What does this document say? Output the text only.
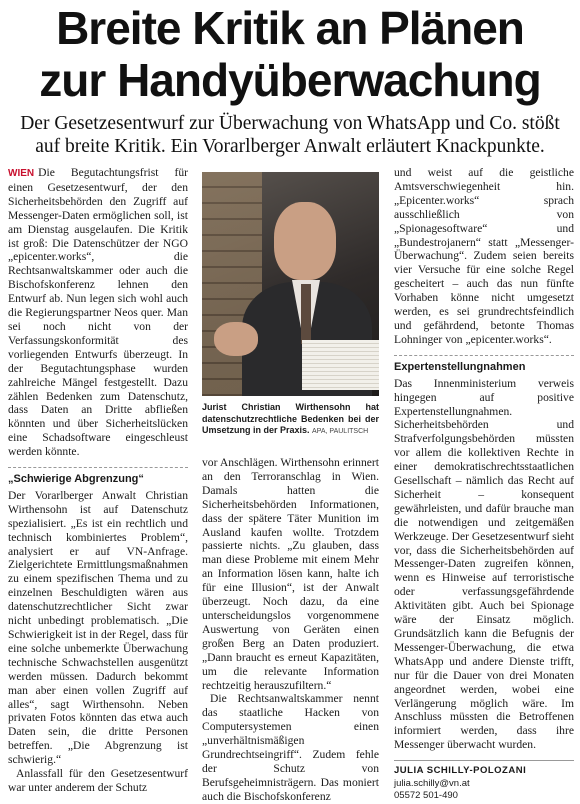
Breite Kritik an Plänen
zur Handyüberwachung

Der Gesetzesentwurf zur Überwachung von WhatsApp und Co. stößt auf breite Kritik. Ein Vorarlberger Anwalt erläutert Knackpunkte.

WIEN Die Begutachtungsfrist für einen Gesetzesentwurf, der den Sicherheitsbehörden den Zugriff auf Messenger-Daten ermöglichen soll, ist am Dienstag ausgelaufen. Die Kritik ist groß: Die Datenschützer der NGO „epicenter.works“, die Rechtsanwaltskammer oder auch die Bischofskonferenz lehnen den Entwurf ab. Nun legen sich wohl auch die Regierungspartner Neos quer. Man sei noch nicht von der Verfassungskonformität des vorliegenden Entwurfs überzeugt. In der Begutachtungsphase wurden zahlreiche Mängel festgestellt. Dazu zählen Bedenken zum Datenschutz, dass Daten an Dritte abfließen könnten und über Sicherheitslücken eine Schadsoftware eingeschleust werden könnte.

„Schwierige Abgrenzung“

Der Vorarlberger Anwalt Christian Wirthensohn ist auf Datenschutz spezialisiert. „Es ist ein rechtlich und technisch kombiniertes Problem“, analysiert er auf VN-Anfrage. Zielgerichtete Ermittlungsmaßnahmen zu einem spezifischen Thema und zu einzelnen Beschuldigten wären aus datenschutzrechtlicher Sicht zwar nicht unbedingt problematisch. „Die Schwierigkeit ist in der Regel, dass für eine solche unbemerkte Überwachung technische Schwachstellen ausgenützt werden müssen. Dadurch bekommt man aber einen vollen Zugriff auf alles“, sagt Wirthensohn. Neben privaten Fotos könnten das etwa auch Daten sein, die dritte Personen betreffen. „Die Abgrenzung ist schwierig.“

Anlassfall für den Gesetzesentwurf war unter anderem der Schutz

Jurist Christian Wirthensohn hat datenschutzrechtliche Bedenken bei der Umsetzung in der Praxis. APA, PAULITSCH

vor Anschlägen. Wirthensohn erinnert an den Terroranschlag in Wien. Damals hatten die Sicherheitsbehörden Informationen, dass der spätere Täter Munition im Ausland kaufen wollte. Trotzdem passierte nichts. „Zu glauben, dass man diese Probleme mit einem Mehr an Information lösen kann, halte ich für eine Illusion“, ist der Anwalt überzeugt. Noch dazu, da eine unterscheidungslos vorgenommene Auswertung von Geräten einen großen Berg an Daten produziert. „Dann braucht es erneut Kapazitäten, um die relevante Information rechtzeitig herauszufiltern.“

Die Rechtsanwaltskammer nennt das staatliche Hacken von Computersystemen einen „unverhältnismäßigen Grundrechtseingriff“. Zudem fehle der Schutz von Berufsgeheimnisträgern. Das moniert auch die Bischofskonferenz

und weist auf die geistliche Amtsverschwiegenheit hin. „Epicenter.works“ sprach ausschließlich von „Spionagesoftware“ und „Bundestrojanern“ statt „Messenger-Überwachung“. Zudem seien bereits vier Versuche für eine solche Regel gescheitert – auch das nun fünfte Vorhaben könne nicht umgesetzt werden, es sei grundrechtsfeindlich und gefährdend, betonte Thomas Lohninger von „epicenter.works“.

Expertenstellungnahmen

Das Innenministerium verweis hingegen auf positive Expertenstellungnahmen. Sicherheitsbehörden und Strafverfolgungsbehörden müssten vor allem die kollektiven Rechte in einer demokratischrechtsstaatlichen Gesellschaft – nämlich das Recht auf Sicherheit – konsequent gewährleisten, und dafür brauche man die notwendigen und zeitgemäßen Werkzeuge. Der Gesetzesentwurf sieht vor, dass die Sicherheitsbehörden auf Messenger-Daten zugreifen können, wenn es Hinweise auf terroristische oder verfassungsgefährdende Aktivitäten gibt. Auch bei Spionage wäre der Einsatz möglich. Grundsätzlich kann die Befugnis der Messenger-Überwachung, die etwa WhatsApp und andere Dienste trifft, nur für die Dauer von drei Monaten angeordnet werden, wobei eine Verlängerung möglich wäre. Im Anschluss müssten die Betroffenen informiert werden, dass ihre Messenger überwacht wurden.

JULIA SCHILLY-POLOZANI
julia.schilly@vn.at
05572 501-490
